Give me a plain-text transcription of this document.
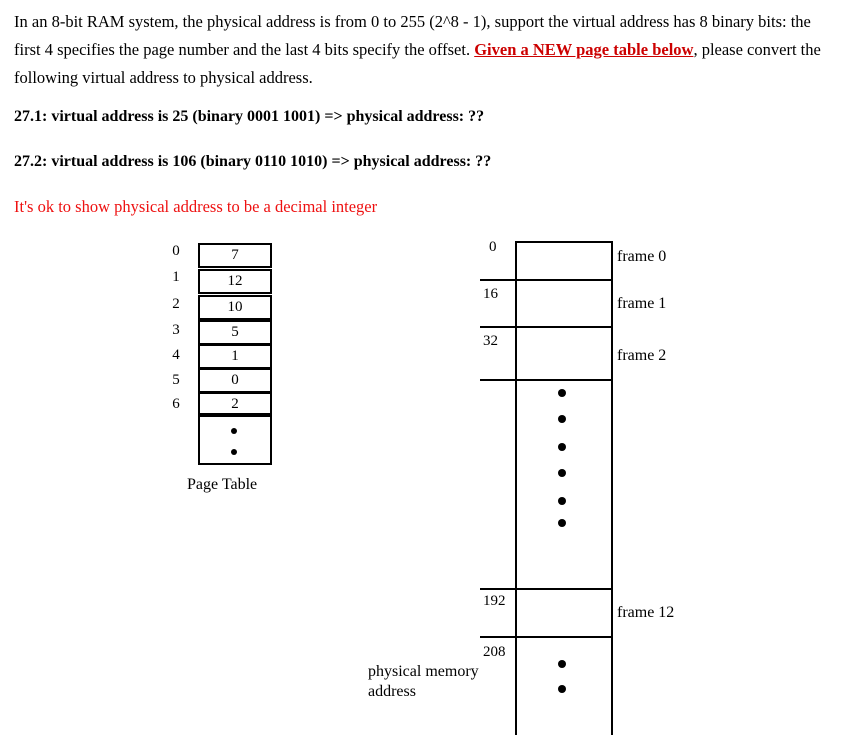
In an 8-bit RAM system, the physical address is from 0 to 255 (2^8 - 1), support the virtual address has 8 binary bits: the first 4 specifies the page number and the last 4 bits specify the offset. Given a NEW page table below, please convert the following virtual address to physical address.

27.1: virtual address is 25 (binary 0001 1001) => physical address: ??

27.2: virtual address is 106 (binary 0110 1010) => physical address: ??

It's ok to show physical address to be a decimal integer

0
1
2
3
4
5
6
7
12
10
5
1
0
2
Page Table
0
16
32
192
208
frame 0
frame 1
frame 2
frame 12
physical memory
address
